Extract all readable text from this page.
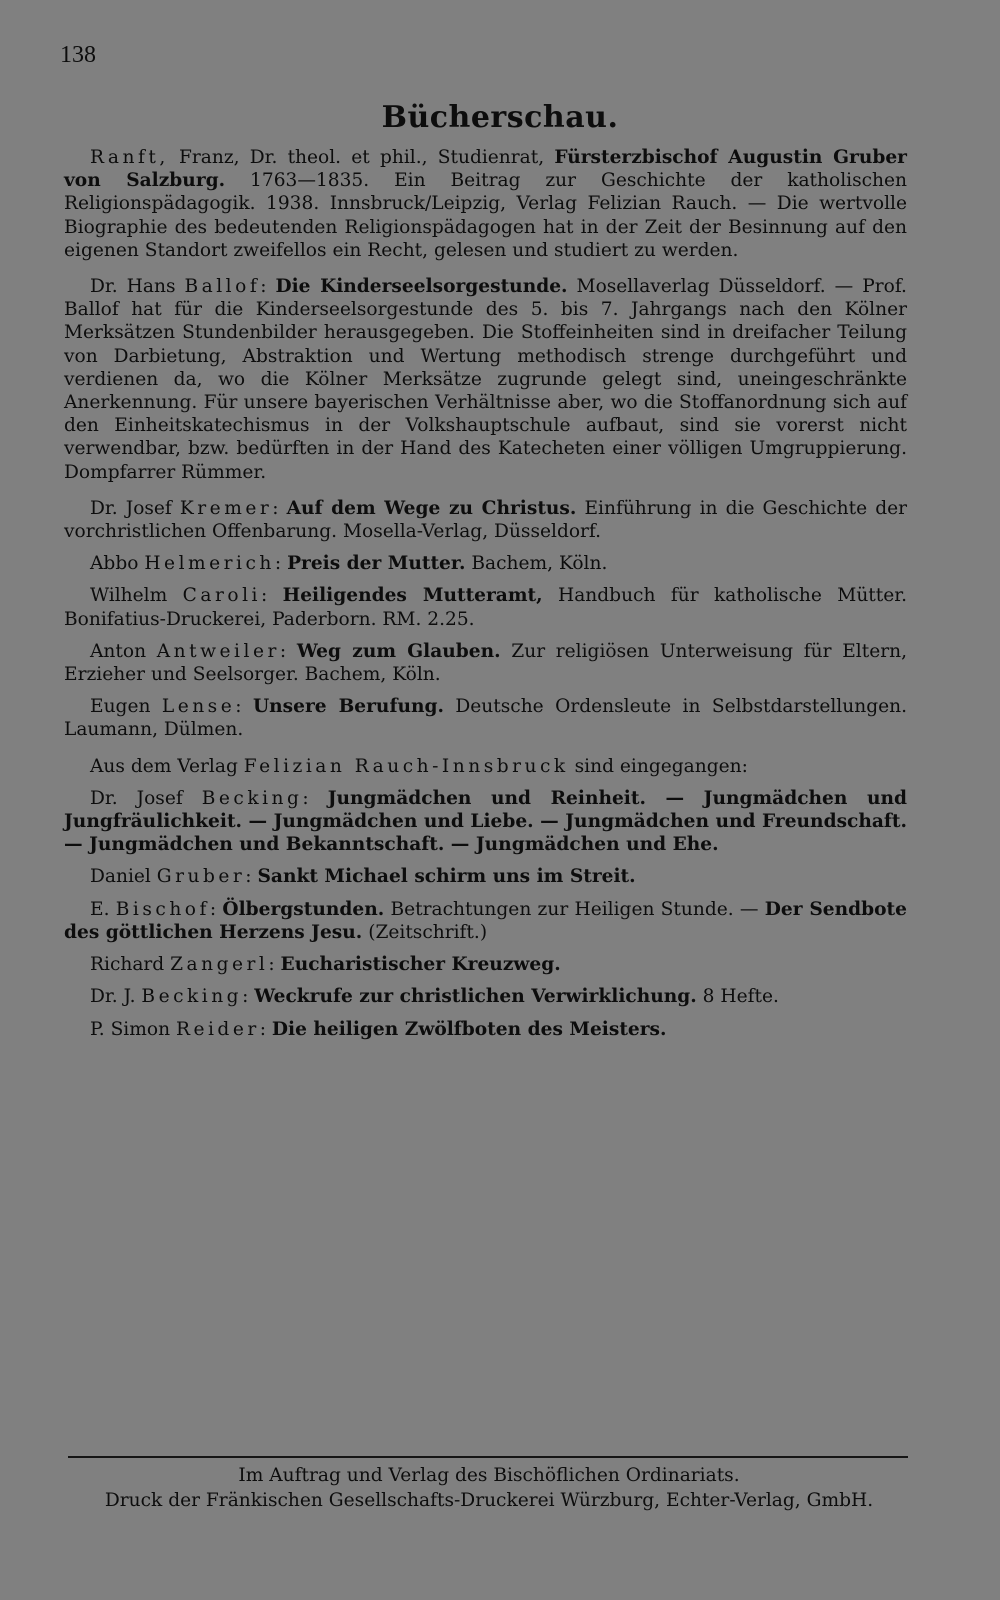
138
Bücherschau.

Ranft, Franz, Dr. theol. et phil., Studienrat, Fürsterzbischof Augustin Gruber von Salzburg. 1763—1835. Ein Beitrag zur Geschichte der katholischen Religionspädagogik. 1938. Innsbruck/Leipzig, Verlag Felizian Rauch. — Die wertvolle Biographie des bedeutenden Religionspädagogen hat in der Zeit der Besinnung auf den eigenen Standort zweifellos ein Recht, gelesen und studiert zu werden.

Dr. Hans Ballof: Die Kinderseelsorgestunde. Mosellaverlag Düsseldorf. — Prof. Ballof hat für die Kinderseelsorgestunde des 5. bis 7. Jahrgangs nach den Kölner Merksätzen Stundenbilder herausgegeben. Die Stoffeinheiten sind in dreifacher Teilung von Darbietung, Abstraktion und Wertung methodisch strenge durchgeführt und verdienen da, wo die Kölner Merksätze zugrunde gelegt sind, uneingeschränkte Anerkennung. Für unsere bayerischen Verhältnisse aber, wo die Stoffanordnung sich auf den Einheitskatechismus in der Volkshauptschule aufbaut, sind sie vorerst nicht verwendbar, bzw. bedürften in der Hand des Katecheten einer völligen Umgruppierung. Dompfarrer Rümmer.

Dr. Josef Kremer: Auf dem Wege zu Christus. Einführung in die Geschichte der vorchristlichen Offenbarung. Mosella-Verlag, Düsseldorf.

Abbo Helmerich: Preis der Mutter. Bachem, Köln.

Wilhelm Caroli: Heiligendes Mutteramt, Handbuch für katholische Mütter. Bonifatius-Druckerei, Paderborn. RM. 2.25.

Anton Antweiler: Weg zum Glauben. Zur religiösen Unterweisung für Eltern, Erzieher und Seelsorger. Bachem, Köln.

Eugen Lense: Unsere Berufung. Deutsche Ordensleute in Selbstdarstellungen. Laumann, Dülmen.

Aus dem Verlag Felizian Rauch-Innsbruck sind eingegangen:

Dr. Josef Becking: Jungmädchen und Reinheit. — Jungmädchen und Jungfräulichkeit. — Jungmädchen und Liebe. — Jungmädchen und Freundschaft. — Jungmädchen und Bekanntschaft. — Jungmädchen und Ehe.

Daniel Gruber: Sankt Michael schirm uns im Streit.

E. Bischof: Ölbergstunden. Betrachtungen zur Heiligen Stunde. — Der Sendbote des göttlichen Herzens Jesu. (Zeitschrift.)

Richard Zangerl: Eucharistischer Kreuzweg.

Dr. J. Becking: Weckrufe zur christlichen Verwirklichung. 8 Hefte.

P. Simon Reider: Die heiligen Zwölfboten des Meisters.

Im Auftrag und Verlag des Bischöflichen Ordinariats.
Druck der Fränkischen Gesellschafts-Druckerei Würzburg, Echter-Verlag, GmbH.
